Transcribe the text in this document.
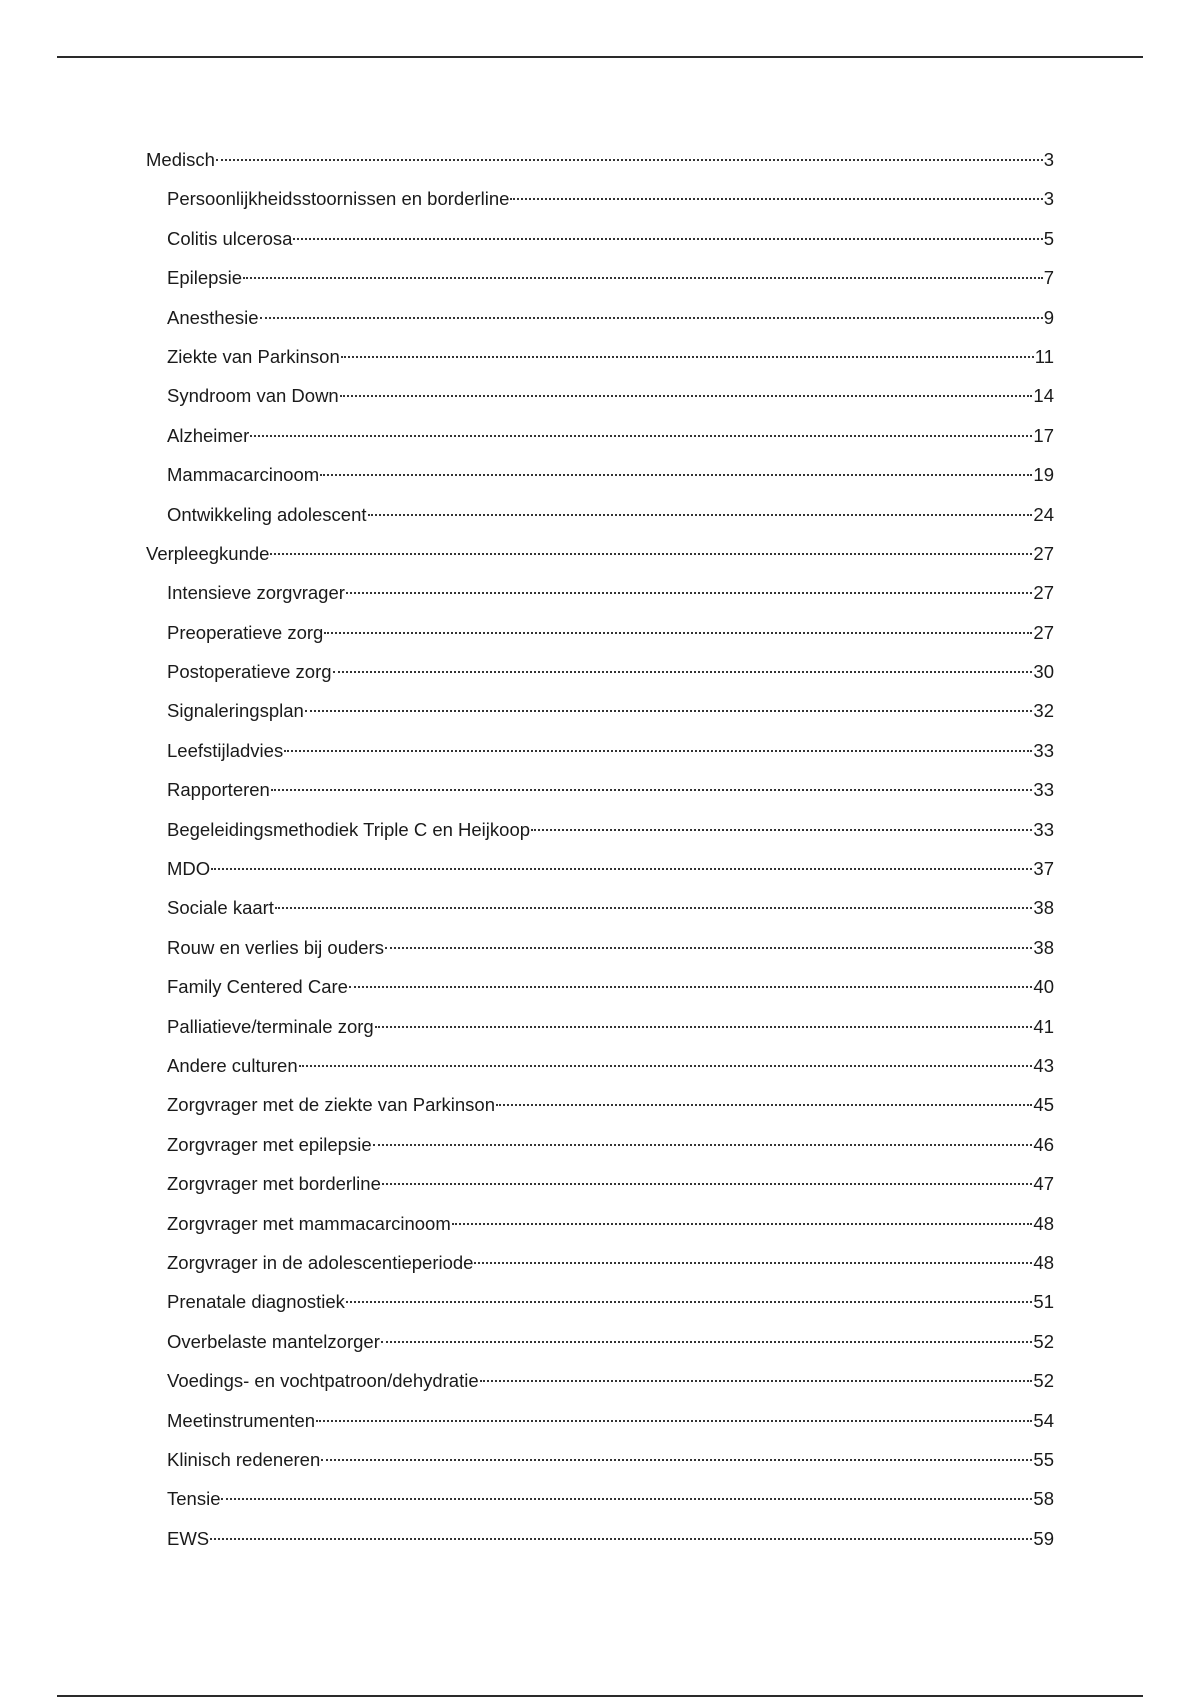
Medisch	3
Persoonlijkheidsstoornissen en borderline	3
Colitis ulcerosa	5
Epilepsie	7
Anesthesie	9
Ziekte van Parkinson	11
Syndroom van Down	14
Alzheimer	17
Mammacarcinoom	19
Ontwikkeling adolescent	24
Verpleegkunde	27
Intensieve zorgvrager	27
Preoperatieve zorg	27
Postoperatieve zorg	30
Signaleringsplan	32
Leefstijladvies	33
Rapporteren	33
Begeleidingsmethodiek Triple C en Heijkoop	33
MDO	37
Sociale kaart	38
Rouw en verlies bij ouders	38
Family Centered Care	40
Palliatieve/terminale zorg	41
Andere culturen	43
Zorgvrager met de ziekte van Parkinson	45
Zorgvrager met epilepsie	46
Zorgvrager met borderline	47
Zorgvrager met mammacarcinoom	48
Zorgvrager in de adolescentieperiode	48
Prenatale diagnostiek	51
Overbelaste mantelzorger	52
Voedings- en vochtpatroon/dehydratie	52
Meetinstrumenten	54
Klinisch redeneren	55
Tensie	58
EWS	59
